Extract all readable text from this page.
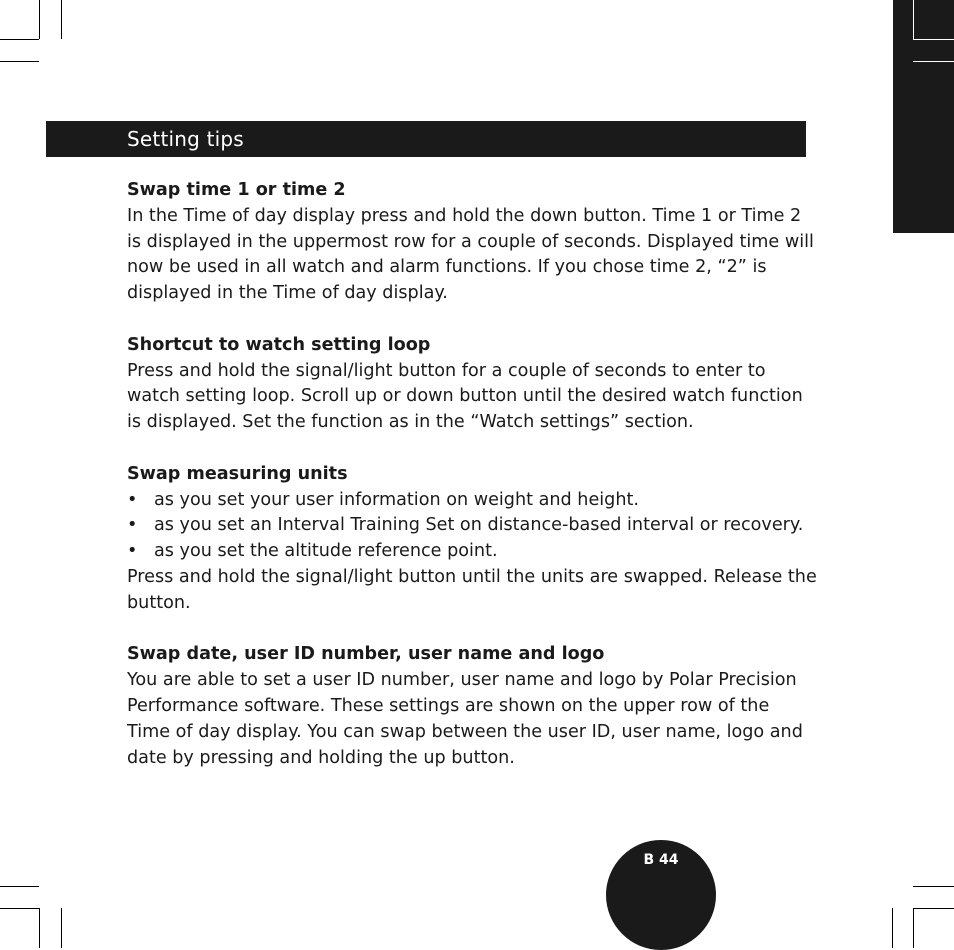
Setting tips
Swap time 1 or time 2

In the Time of day display press and hold the down button. Time 1 or Time 2 is displayed in the uppermost row for a couple of seconds. Displayed time will now be used in all watch and alarm functions. If you chose time 2, “2” is displayed in the Time of day display.

Shortcut to watch setting loop

Press and hold the signal/light button for a couple of seconds to enter to watch setting loop. Scroll up or down button until the desired watch function is displayed. Set the function as in the “Watch settings” section.

Swap measuring units
• as you set your user information on weight and height.
• as you set an Interval Training Set on distance-based interval or recovery.
• as you set the altitude reference point.

Press and hold the signal/light button until the units are swapped. Release the button.

Swap date, user ID number, user name and logo

You are able to set a user ID number, user name and logo by Polar Precision Performance software. These settings are shown on the upper row of the Time of day display. You can swap between the user ID, user name, logo and date by pressing and holding the up button.

B 44
